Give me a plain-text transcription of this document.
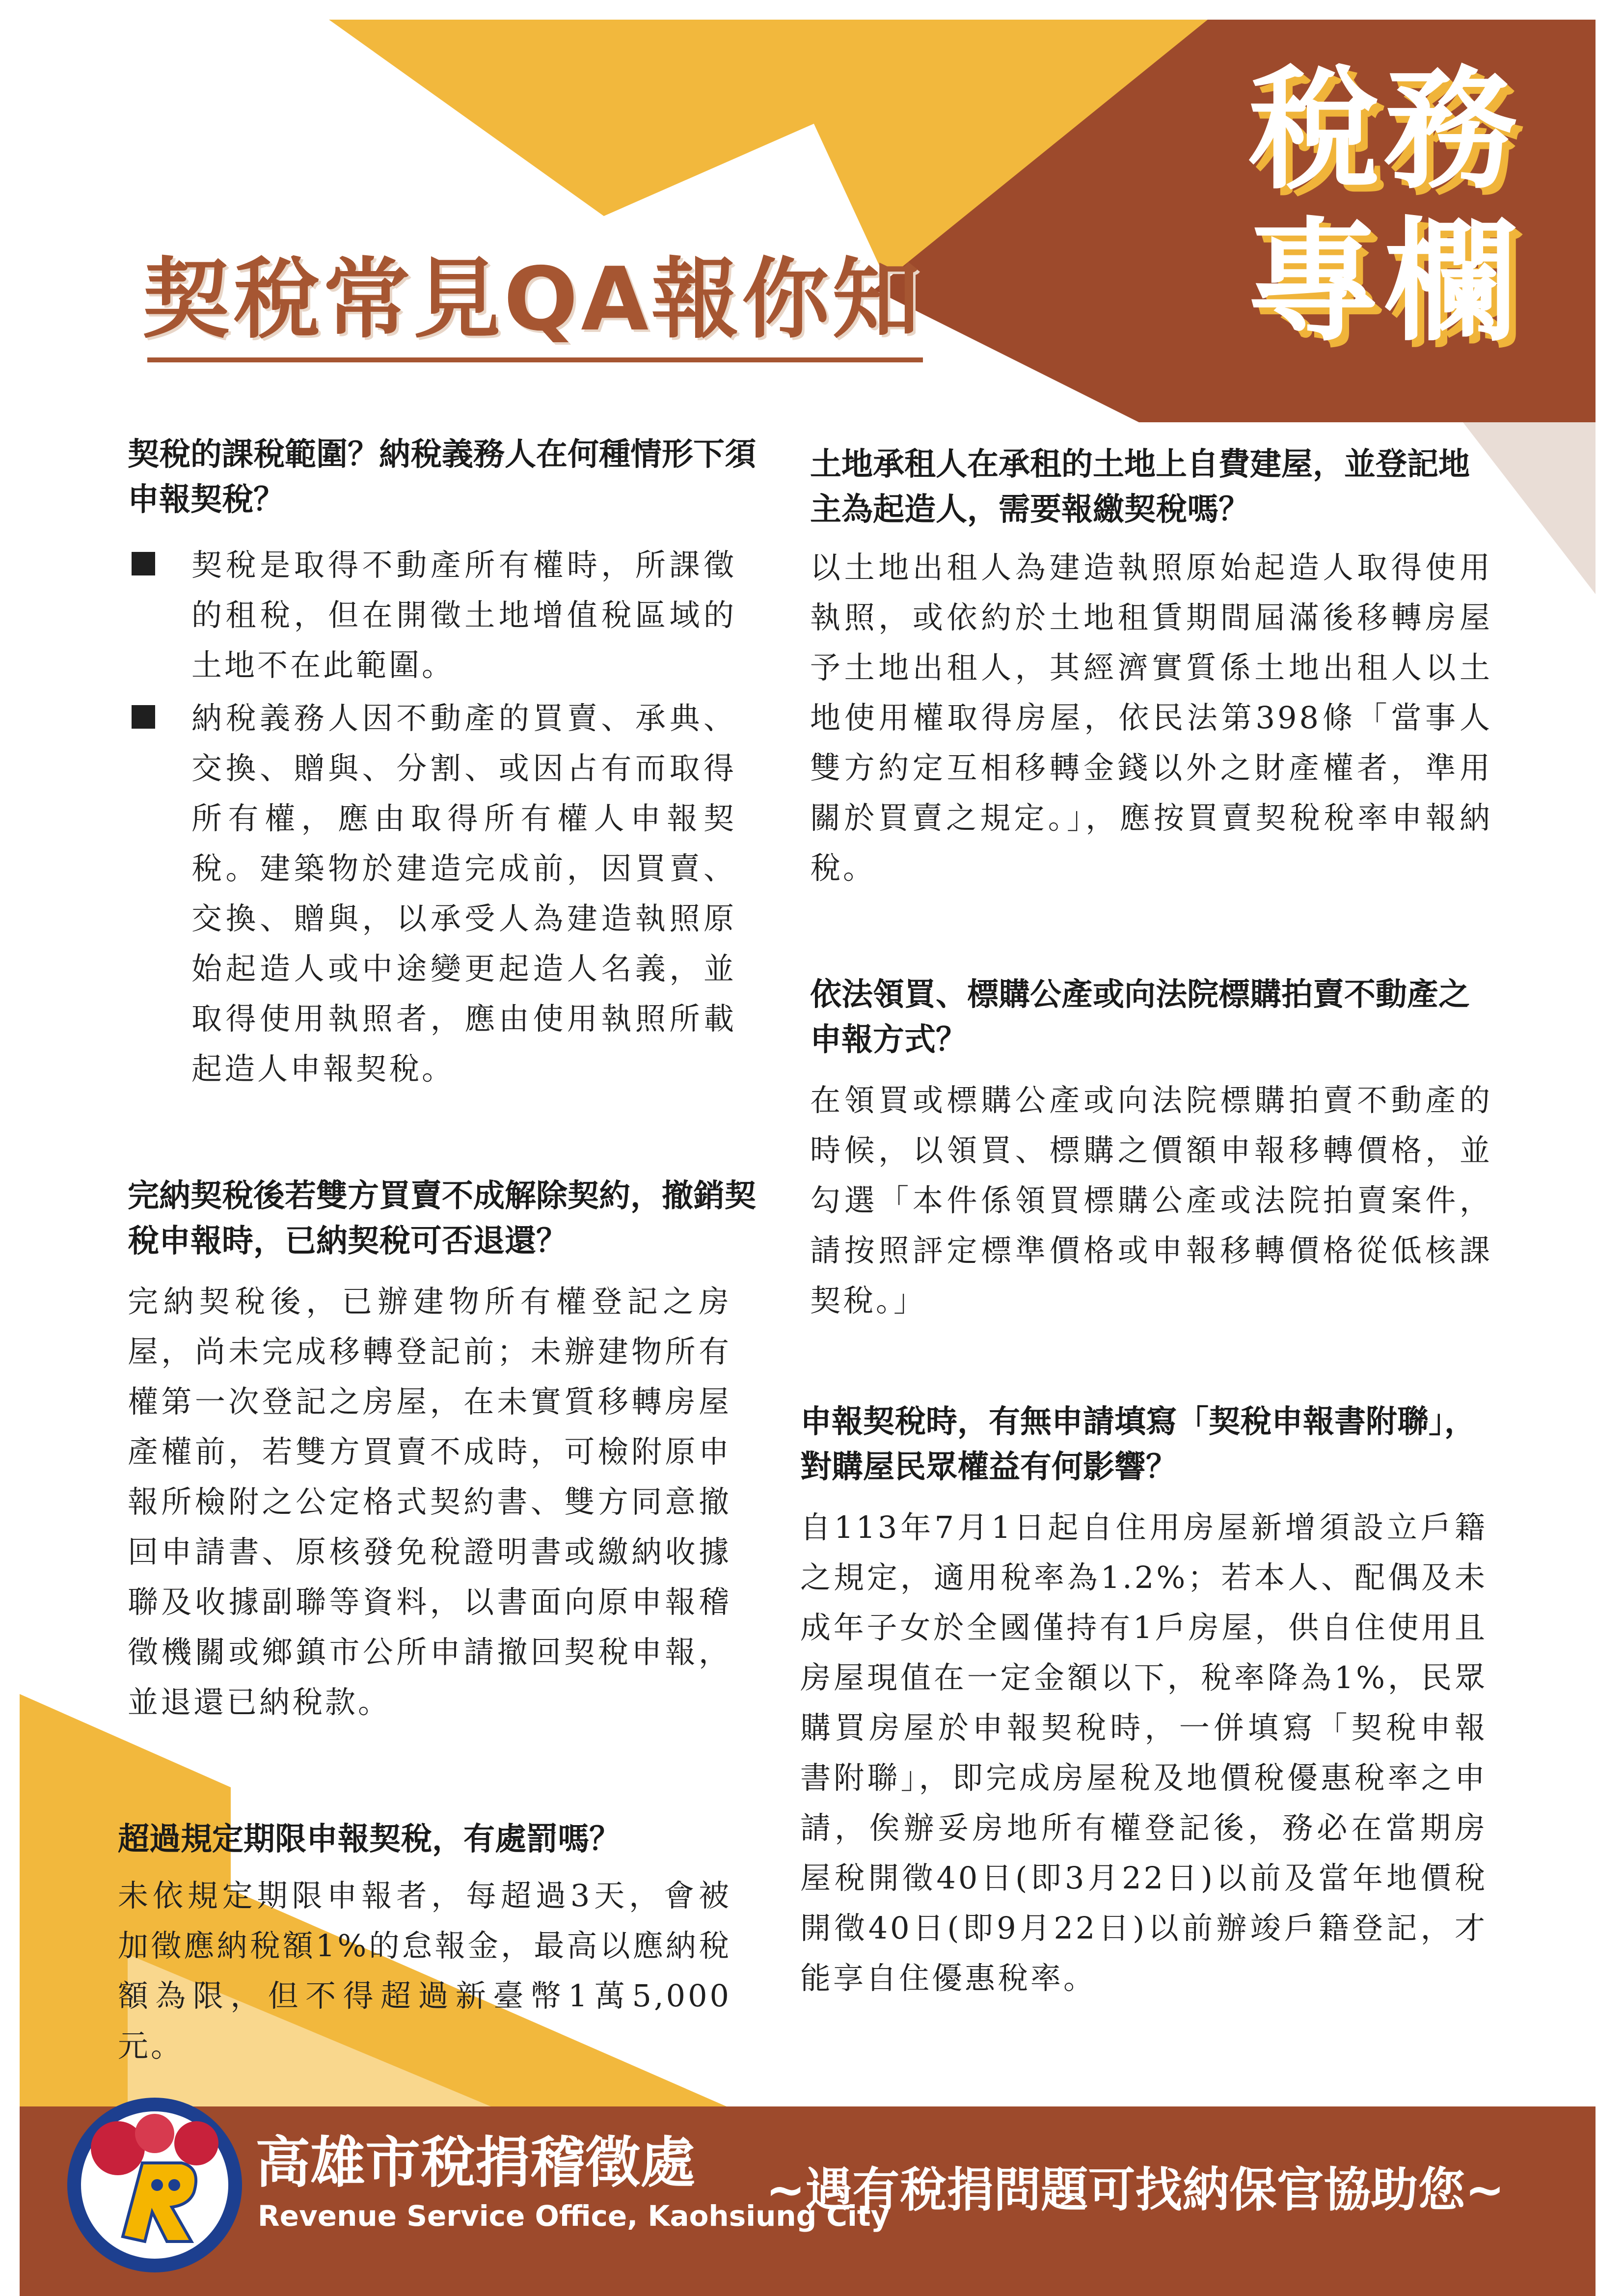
稅務
專欄
契稅常見QA報你知
契稅的課稅範圍？納稅義務人在何種情形下須申報契稅？
契稅是取得不動產所有權時，所課徵的租稅，但在開徵土地增值稅區域的土地不在此範圍。
納稅義務人因不動產的買賣、承典、交換、贈與、分割、或因占有而取得所有權，應由取得所有權人申報契稅。建築物於建造完成前，因買賣、交換、贈與，以承受人為建造執照原始起造人或中途變更起造人名義，並取得使用執照者，應由使用執照所載起造人申報契稅。
完納契稅後若雙方買賣不成解除契約，撤銷契稅申報時，已納契稅可否退還？
完納契稅後，已辦建物所有權登記之房屋，尚未完成移轉登記前；未辦建物所有權第一次登記之房屋，在未實質移轉房屋產權前，若雙方買賣不成時，可檢附原申報所檢附之公定格式契約書、雙方同意撤回申請書、原核發免稅證明書或繳納收據聯及收據副聯等資料，以書面向原申報稽徵機關或鄉鎮市公所申請撤回契稅申報，並退還已納稅款。
超過規定期限申報契稅，有處罰嗎？
未依規定期限申報者，每超過3天，會被加徵應納稅額1%的怠報金，最高以應納稅額為限，但不得超過新臺幣1萬5,000元。
土地承租人在承租的土地上自費建屋，並登記地主為起造人，需要報繳契稅嗎？
以土地出租人為建造執照原始起造人取得使用執照，或依約於土地租賃期間屆滿後移轉房屋予土地出租人，其經濟實質係土地出租人以土地使用權取得房屋，依民法第398條「當事人雙方約定互相移轉金錢以外之財產權者，準用關於買賣之規定。」，應按買賣契稅稅率申報納稅。
依法領買、標購公產或向法院標購拍賣不動產之申報方式？
在領買或標購公產或向法院標購拍賣不動產的時候，以領買、標購之價額申報移轉價格，並勾選「本件係領買標購公產或法院拍賣案件，請按照評定標準價格或申報移轉價格從低核課契稅。」
申報契稅時，有無申請填寫「契稅申報書附聯」，對購屋民眾權益有何影響？
自113年7月1日起自住用房屋新增須設立戶籍之規定，適用稅率為1.2%；若本人、配偶及未成年子女於全國僅持有1戶房屋，供自住使用且房屋現值在一定金額以下，稅率降為1%，民眾購買房屋於申報契稅時，一併填寫「契稅申報書附聯」，即完成房屋稅及地價稅優惠稅率之申請，俟辦妥房地所有權登記後，務必在當期房屋稅開徵40日(即3月22日)以前及當年地價稅開徵40日(即9月22日)以前辦竣戶籍登記，才能享自住優惠稅率。
高雄市稅捐稽徵處
Revenue Service Office, Kaohsiung City
~遇有稅捐問題可找納保官協助您~
